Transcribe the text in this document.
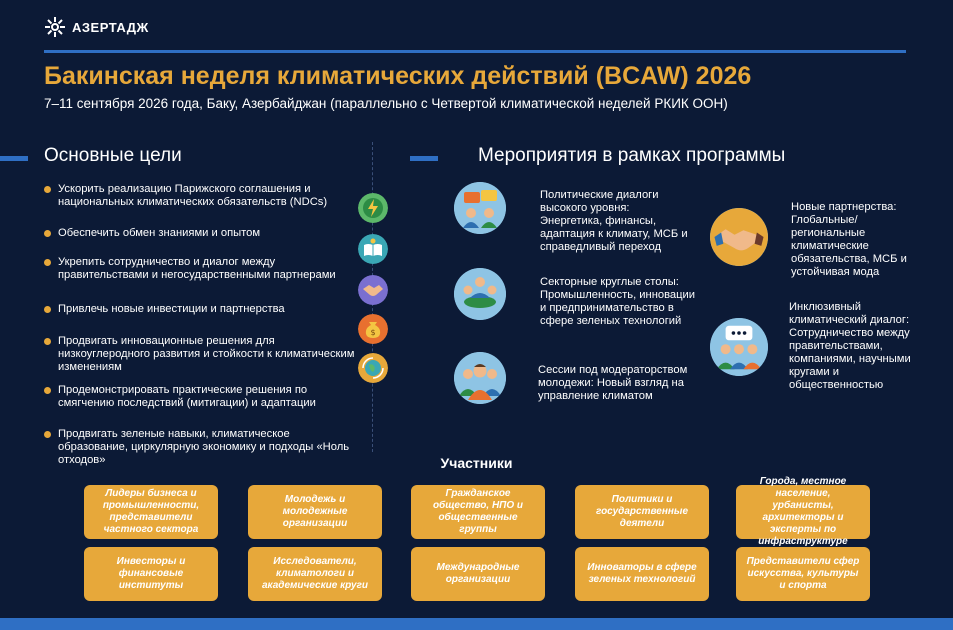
АЗЕРТАДЖ
Бакинская неделя климатических действий (BCAW) 2026
7–11 сентября 2026 года, Баку, Азербайджан (параллельно с Четвертой климатической неделей РКИК ООН)
Основные цели	Мероприятия в рамках программы
Ускорить реализацию Парижского соглашения и национальных климатических обязательств (NDCs)
Обеспечить обмен знаниями и опытом
Укрепить сотрудничество и диалог между правительствами и негосударственными партнерами
Привлечь новые инвестиции и партнерства
Продвигать инновационные решения для низкоуглеродного развития и стойкости к климатическим изменениям
Продемонстрировать практические решения по смягчению последствий (митигации) и адаптации
Продвигать зеленые навыки, климатическое образование, циркулярную экономику и подходы «Ноль отходов»
$
Политические диалоги высокого уровня: Энергетика, финансы, адаптация к климату, МСБ и справедливый переход
Секторные круглые столы: Промышленность, инновации и предпринимательство в сфере зеленых технологий
Сессии под модераторством молодежи: Новый взгляд на управление климатом
Новые партнерства: Глобальные/ региональные климатические обязательства, МСБ и устойчивая мода
Инклюзивный климатический диалог: Сотрудничество между правительствами, компаниями, научными кругами и общественностью
Участники
Лидеры бизнеса и промышленности, представители частного сектора
Молодежь и молодежные организации
Гражданское общество, НПО и общественные группы
Политики и государственные деятели
Города, местное население, урбанисты, архитекторы и эксперты по инфраструктуре
Инвесторы и финансовые институты
Исследователи, климатологи и академические круги
Международные организации
Инноваторы в сфере зеленых технологий
Представители сфер искусства, культуры и спорта
